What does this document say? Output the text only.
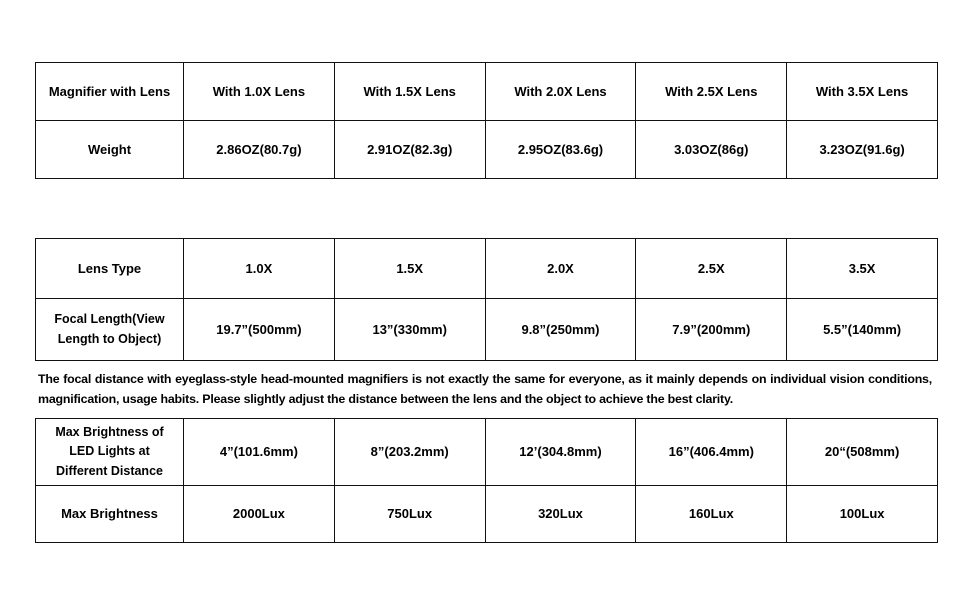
Magnifier with Lens	With 1.0X Lens	With 1.5X Lens	With 2.0X Lens	With 2.5X Lens	With 3.5X Lens
Weight	2.86OZ(80.7g)	2.91OZ(82.3g)	2.95OZ(83.6g)	3.03OZ(86g)	3.23OZ(91.6g)
Lens Type	1.0X	1.5X	2.0X	2.5X	3.5X
Focal Length(View Length to Object)	19.7”(500mm)	13”(330mm)	9.8”(250mm)	7.9”(200mm)	5.5”(140mm)
The focal distance with eyeglass-style head-mounted magnifiers is not exactly the same for everyone, as it mainly depends on individual vision conditions, magnification, usage habits. Please slightly adjust the distance between the lens and the object to achieve the best clarity.
Max Brightness of LED Lights at Different Distance	4”(101.6mm)	8”(203.2mm)	12’(304.8mm)	16”(406.4mm)	20“(508mm)
Max Brightness	2000Lux	750Lux	320Lux	160Lux	100Lux
